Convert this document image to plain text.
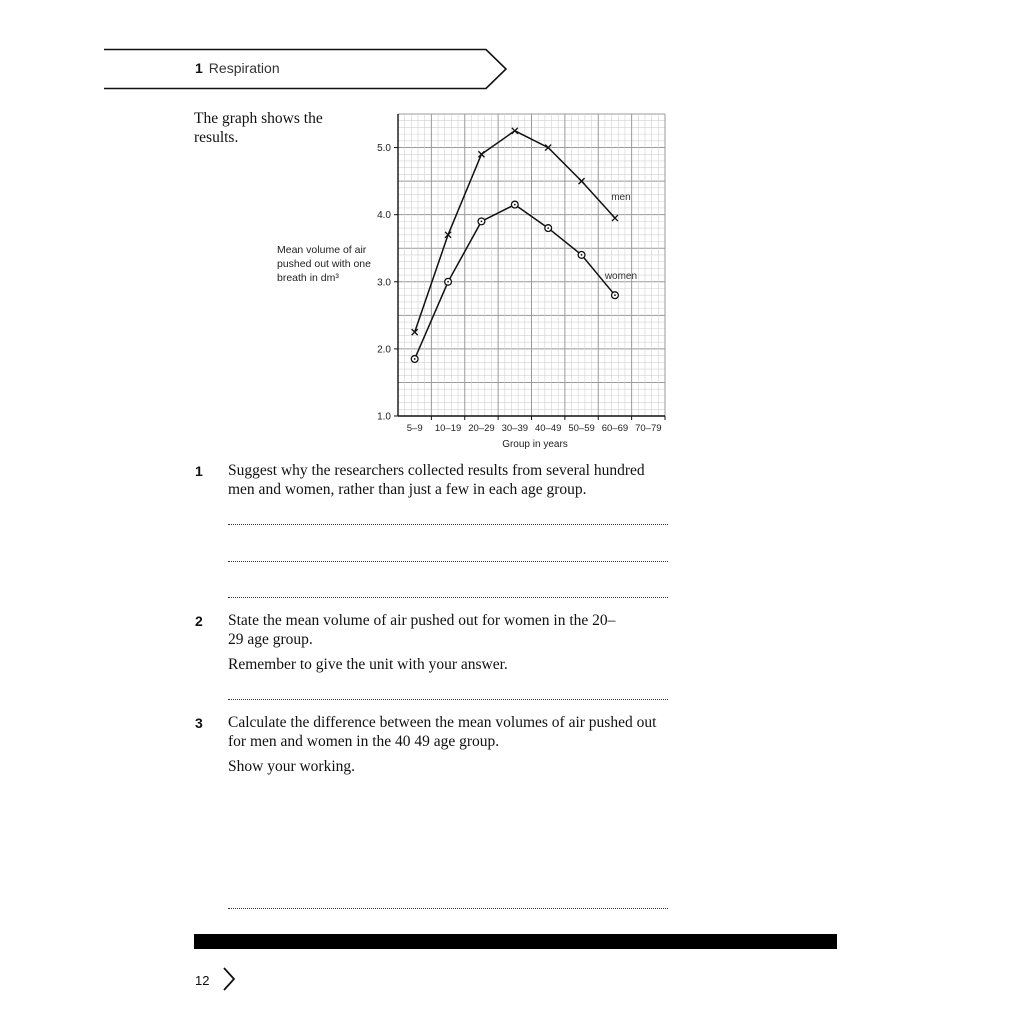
1 Respiration
The graph shows the results.
Mean volume of air pushed out with one breath in dm³
1.0
2.0
3.0
4.0
5.0
5–9 10–19 20–29 30–39 40–49 50–59 60–69 70–79
men
women
Group in years
1 Suggest why the researchers collected results from several hundred men and women, rather than just a few in each age group.

2 State the mean volume of air pushed out for women in the 20–29 age group.

Remember to give the unit with your answer.

3 Calculate the difference between the mean volumes of air pushed out for men and women in the 40 49 age group.

Show your working.

12
